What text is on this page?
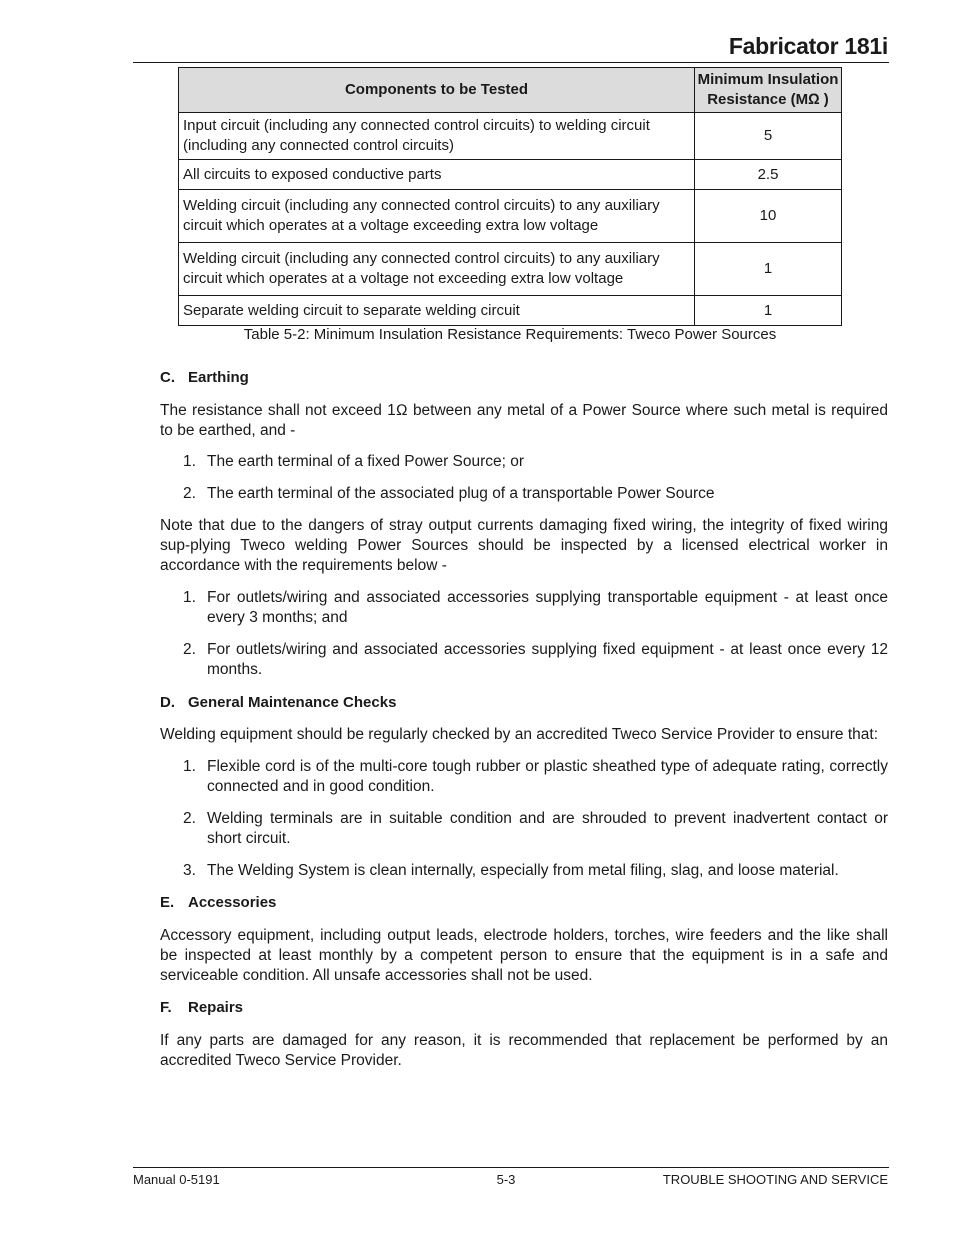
Fabricator 181i
Components to be Tested	Minimum Insulation Resistance (MΩ )
Input circuit (including any connected control circuits) to welding circuit (including any connected control circuits)	5
All circuits to exposed conductive parts	2.5
Welding circuit (including any connected control circuits) to any auxiliary circuit which operates at a voltage exceeding extra low voltage	10
Welding circuit (including any connected control circuits) to any auxiliary circuit which operates at a voltage not exceeding extra low voltage	1
Separate welding circuit to separate welding circuit	1
Table 5-2: Minimum Insulation Resistance Requirements: Tweco Power Sources
C. Earthing

The resistance shall not exceed 1Ω between any metal of a Power Source where such metal is required to be earthed, and -

1. The earth terminal of a fixed Power Source; or
2. The earth terminal of the associated plug of a transportable Power Source

Note that due to the dangers of stray output currents damaging fixed wiring, the integrity of fixed wiring sup-plying Tweco welding Power Sources should be inspected by a licensed electrical worker in accordance with the requirements below -

1. For outlets/wiring and associated accessories supplying transportable equipment - at least once every 3 months; and
2. For outlets/wiring and associated accessories supplying fixed equipment - at least once every 12 months.
D. General Maintenance Checks

Welding equipment should be regularly checked by an accredited Tweco Service Provider to ensure that:

1. Flexible cord is of the multi-core tough rubber or plastic sheathed type of adequate rating, correctly connected and in good condition.
2. Welding terminals are in suitable condition and are shrouded to prevent inadvertent contact or short circuit.
3. The Welding System is clean internally, especially from metal filing, slag, and loose material.
E. Accessories

Accessory equipment, including output leads, electrode holders, torches, wire feeders and the like shall be inspected at least monthly by a competent person to ensure that the equipment is in a safe and serviceable condition. All unsafe accessories shall not be used.

F. Repairs

If any parts are damaged for any reason, it is recommended that replacement be performed by an accredited Tweco Service Provider.

Manual 0-5191	5-3	TROUBLE SHOOTING AND SERVICE
